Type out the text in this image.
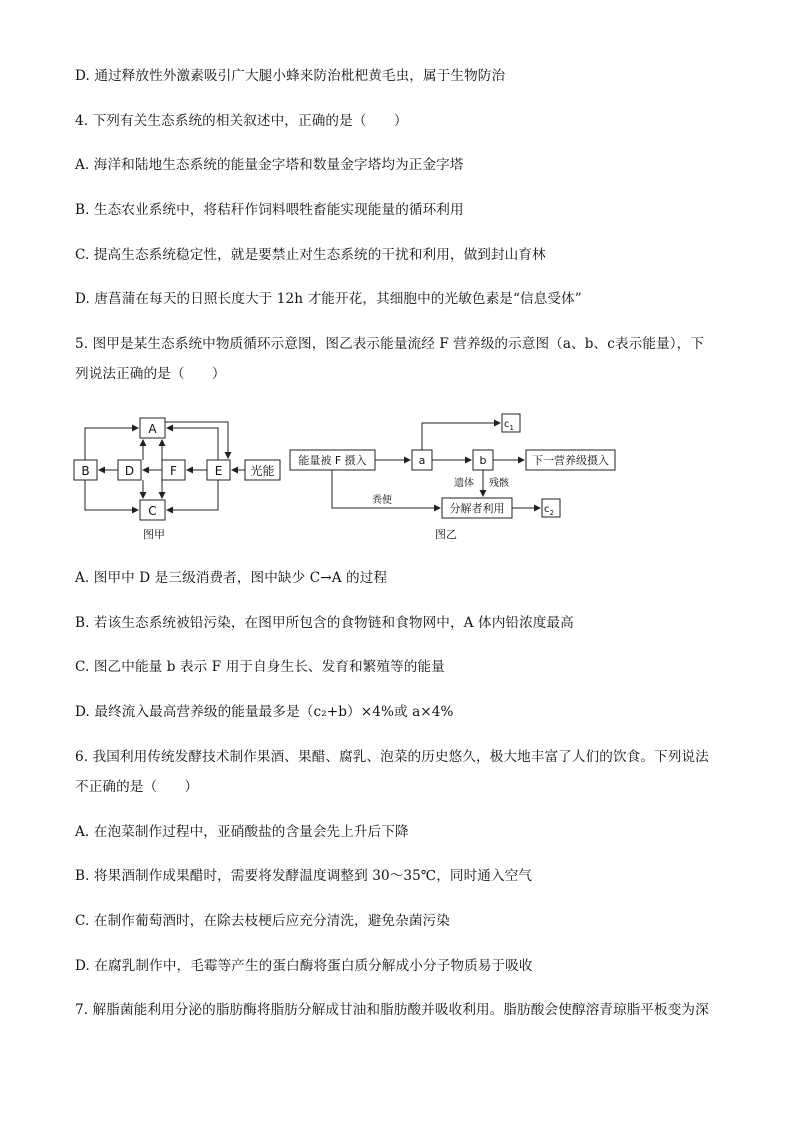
D. 通过释放性外激素吸引广大腿小蜂来防治枇杷黄毛虫，属于生物防治
4. 下列有关生态系统的相关叙述中，正确的是（　　）
A. 海洋和陆地生态系统的能量金字塔和数量金字塔均为正金字塔
B. 生态农业系统中，将秸秆作饲料喂牲畜能实现能量的循环利用
C. 提高生态系统稳定性，就是要禁止对生态系统的干扰和利用，做到封山育林
D. 唐菖蒲在每天的日照长度大于 12h 才能开花，其细胞中的光敏色素是“信息受体”
5. 图甲是某生态系统中物质循环示意图，图乙表示能量流经 F 营养级的示意图（a、b、c表示能量），下
列说法正确的是（　　）
A
B	D	F	E
C
光能
图甲
能量被 F 摄入	a	b
$c_1$
下一营养级摄入
分解者利用	$c_2$
遗体 残骸
粪便
图乙
A. 图甲中 D 是三级消费者，图中缺少 C→A 的过程
B. 若该生态系统被铅污染，在图甲所包含的食物链和食物网中，A 体内铅浓度最高
C. 图乙中能量 b 表示 F 用于自身生长、发育和繁殖等的能量
D. 最终流入最高营养级的能量最多是（c₂+b）×4%或 a×4%
6. 我国利用传统发酵技术制作果酒、果醋、腐乳、泡菜的历史悠久，极大地丰富了人们的饮食。下列说法
不正确的是（　　）
A. 在泡菜制作过程中，亚硝酸盐的含量会先上升后下降
B. 将果酒制作成果醋时，需要将发酵温度调整到 30～35℃，同时通入空气
C. 在制作葡萄酒时，在除去枝梗后应充分清洗，避免杂菌污染
D. 在腐乳制作中，毛霉等产生的蛋白酶将蛋白质分解成小分子物质易于吸收
7. 解脂菌能利用分泌的脂肪酶将脂肪分解成甘油和脂肪酸并吸收利用。脂肪酸会使醇溶青琼脂平板变为深
